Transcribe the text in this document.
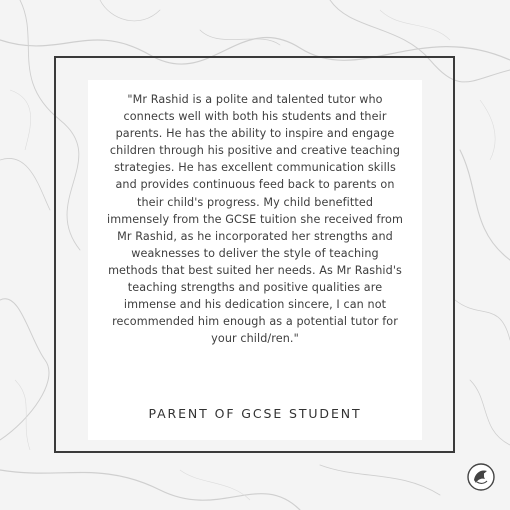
"Mr Rashid is a polite and talented tutor who connects well with both his students and their parents. He has the ability to inspire and engage children through his positive and creative teaching strategies. He has excellent communication skills and provides continuous feed back to parents on their child's progress. My child benefitted immensely from the GCSE tuition she received from Mr Rashid, as he incorporated her strengths and weaknesses to deliver the style of teaching methods that best suited her needs. As Mr Rashid's teaching strengths and positive qualities are immense and his dedication sincere, I can not recommended him enough as a potential tutor for your child/ren."

PARENT OF GCSE STUDENT
